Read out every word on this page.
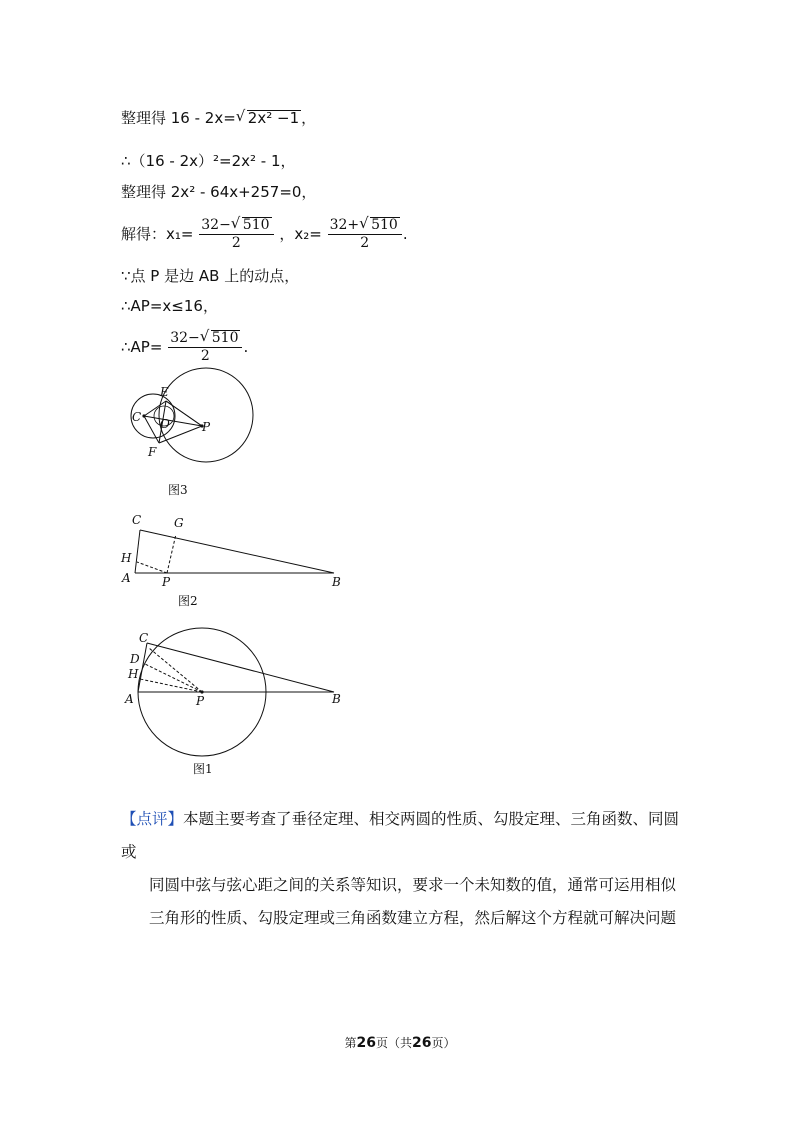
整理得 16 - 2x= √ 2x² −1 ，
∴（16 - 2x）²=2x² - 1，
整理得 2x² - 64x+257=0，
解得：$x_1= \frac{32- √ 510}{2}$ ，$x_2= \frac{32+ √ 510}{2}$ .
∵点 P 是边 AB 上的动点，
∴AP=x≤16，
∴AP= $\frac{32- √ 510}{2}$ .
C
E
O	P
F
图3
C	G
H
A	P	B
图2
C
D
H
A	P	B
图1
【点评】本题主要考查了垂径定理、相交两圆的性质、勾股定理、三角函数、同圆或
同圆中弦与弦心距之间的关系等知识，要求一个未知数的值，通常可运用相似三角形的性质、勾股定理或三角函数建立方程，然后解这个方程就可解决问题
第26页（共26页）
